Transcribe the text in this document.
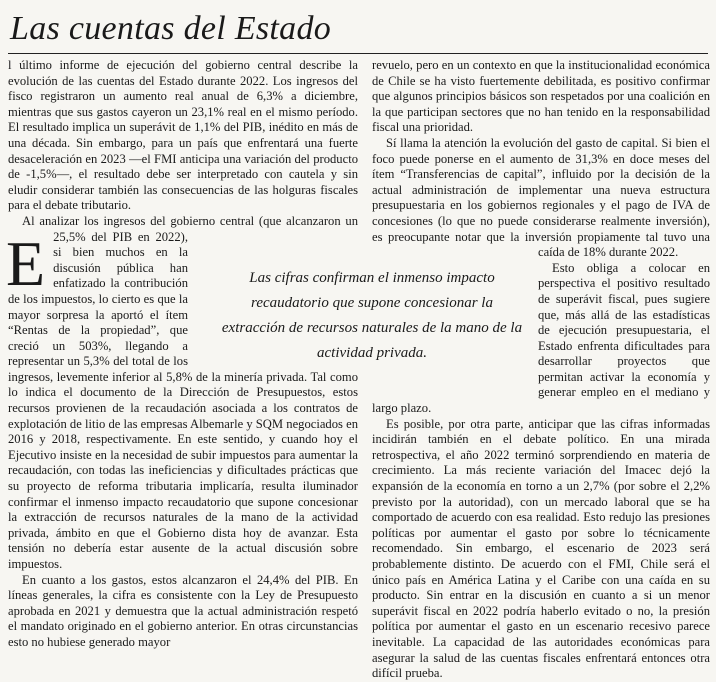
Las cuentas del Estado

E
l último informe de ejecución del gobierno central describe la evolución de las cuentas del Estado durante 2022. Los ingresos del fisco registraron un aumento real anual de 6,3% a diciembre, mientras que sus gastos cayeron un 23,1% real en el mismo período. El resultado implica un superávit de 1,1% del PIB, inédito en más de una década. Sin embargo, para un país que enfrentará una fuerte desaceleración en 2023 —el FMI anticipa una variación del producto de -1,5%—, el resultado debe ser interpretado con cautela y sin eludir considerar también las consecuencias de las holguras fiscales para el debate tributario.

Al analizar los ingresos del gobierno central (que alcanzaron un 25,5% del PIB en 2022), si bien muchos en la discusión pública han enfatizado la contribución de los impuestos, lo cierto es que la mayor sorpresa la aportó el ítem “Rentas de la propiedad”, que creció un 503%, llegando a representar un 5,3% del total de los ingresos, levemente inferior al 5,8% de la minería privada. Tal como lo indica el documento de la Dirección de Presupuestos, estos recursos provienen de la recaudación asociada a los contratos de explotación de litio de las empresas Albemarle y SQM negociados en 2016 y 2018, respectivamente. En este sentido, y cuando hoy el Ejecutivo insiste en la necesidad de subir impuestos para aumentar la recaudación, con todas las ineficiencias y dificultades prácticas que su proyecto de reforma tributaria implicaría, resulta iluminador confirmar el inmenso impacto recaudatorio que supone concesionar la extracción de recursos naturales de la mano de la actividad privada, ámbito en que el Gobierno dista hoy de avanzar. Esta tensión no debería estar ausente de la actual discusión sobre impuestos.

En cuanto a los gastos, estos alcanzaron el 24,4% del PIB. En líneas generales, la cifra es consistente con la Ley de Presupuesto aprobada en 2021 y demuestra que la actual administración respetó el mandato originado en el gobierno anterior. En otras circunstancias esto no hubiese generado mayor

revuelo, pero en un contexto en que la institucionalidad económica de Chile se ha visto fuertemente debilitada, es positivo confirmar que algunos principios básicos son respetados por una coalición en la que participan sectores que no han tenido en la responsabilidad fiscal una prioridad.

Sí llama la atención la evolución del gasto de capital. Si bien el foco puede ponerse en el aumento de 31,3% en doce meses del ítem “Transferencias de capital”, influido por la decisión de la actual administración de implementar una nueva estructura presupuestaria en los gobiernos regionales y el pago de IVA de concesiones (lo que no puede considerarse realmente inversión), es preocupante notar que la inversión propiamente tal tuvo una caída de 18% durante 2022.

Esto obliga a colocar en perspectiva el positivo resultado de superávit fiscal, pues sugiere que, más allá de las estadísticas de ejecución presupuestaria, el Estado enfrenta dificultades para desarrollar proyectos que permitan activar la economía y generar empleo en el mediano y largo plazo.

Es posible, por otra parte, anticipar que las cifras informadas incidirán también en el debate político. En una mirada retrospectiva, el año 2022 terminó sorprendiendo en materia de crecimiento. La más reciente variación del Imacec dejó la expansión de la economía en torno a un 2,7% (por sobre el 2,2% previsto por la autoridad), con un mercado laboral que se ha comportado de acuerdo con esa realidad. Esto redujo las presiones políticas por aumentar el gasto por sobre lo técnicamente recomendado. Sin embargo, el escenario de 2023 será probablemente distinto. De acuerdo con el FMI, Chile será el único país en América Latina y el Caribe con una caída en su producto. Sin entrar en la discusión en cuanto a si un menor superávit fiscal en 2022 podría haberlo evitado o no, la presión política por aumentar el gasto en un escenario recesivo parece inevitable. La capacidad de las autoridades económicas para asegurar la salud de las cuentas fiscales enfrentará entonces otra difícil prueba.

Las cifras confirman el inmenso impacto recaudatorio que supone concesionar la extracción de recursos naturales de la mano de la actividad privada.
